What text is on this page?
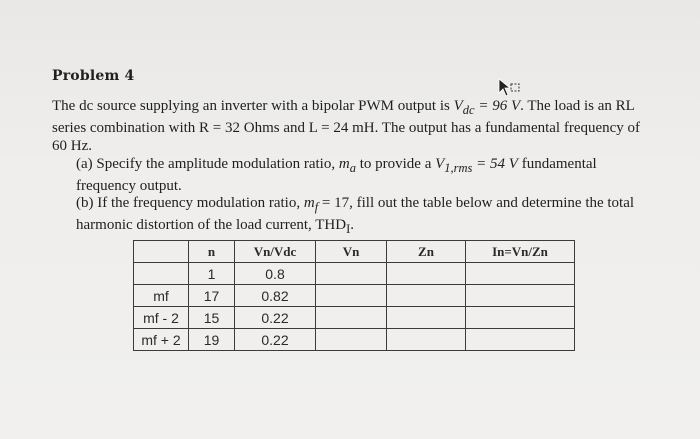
Problem 4
The dc source supplying an inverter with a bipolar PWM output is $V_{dc} = 96$ V. The load is an RL series combination with R = 32 Ohms and L = 24 mH. The output has a fundamental frequency of 60 Hz.
(a) Specify the amplitude modulation ratio, $m_a$ to provide a $V_{1,rms} = 54$ V fundamental frequency output.
(b) If the frequency modulation ratio, $m_f = 17$, fill out the table below and determine the total harmonic distortion of the load current, $THD_I$.
	n	Vn/Vdc	Vn	Zn	In=Vn/Zn
	1	0.8			
mf	17	0.82			
mf - 2	15	0.22			
mf + 2	19	0.22			
